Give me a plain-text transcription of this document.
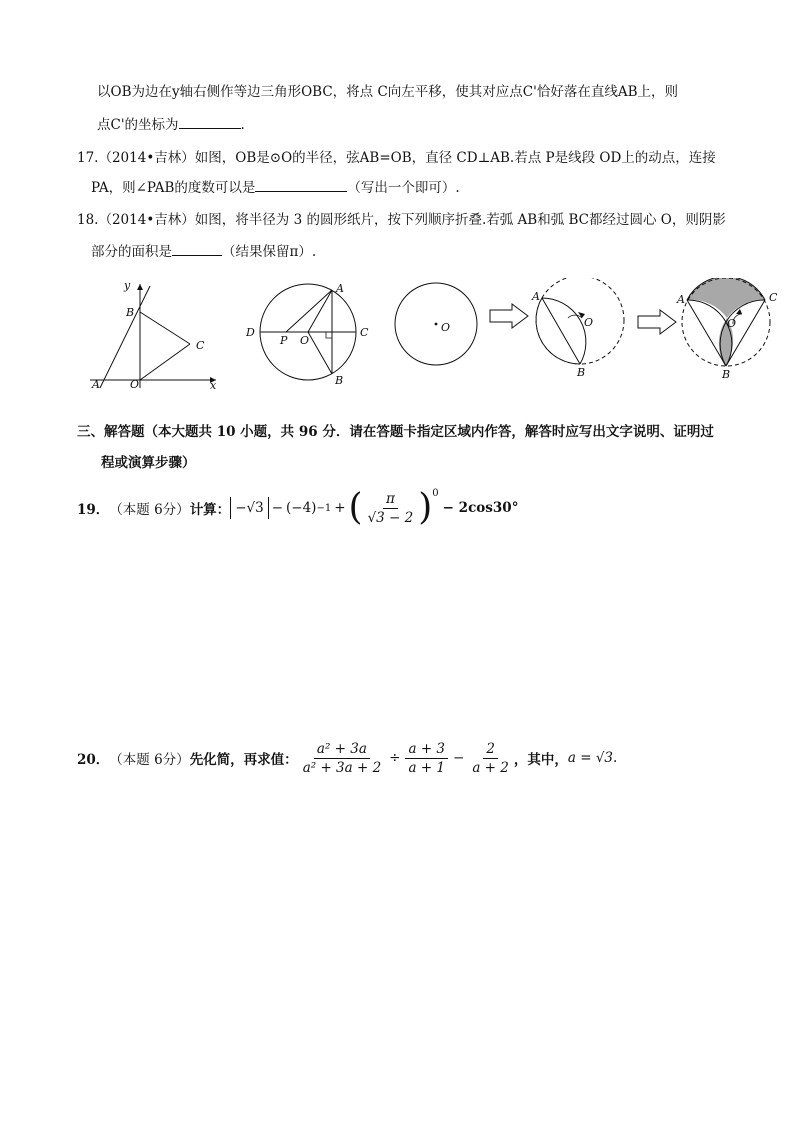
以OB为边在y轴右侧作等边三角形OBC，将点 C向左平移，使其对应点C'恰好落在直线AB上，则
点C'的坐标为	.
17.（2014•吉林）如图，OB是⊙O的半径，弦AB=OB，直径 CD⊥AB.若点 P是线段 OD上的动点，连接
PA，则∠PAB的度数可以是	（写出一个即可）.
18.（2014•吉林）如图，将半径为 3 的圆形纸片，按下列顺序折叠.若弧 AB和弧 BC都经过圆心 O，则阴影
部分的面积是	（结果保留π）.
y
x
B
C
A	O
A
B
C
D
P O
O
A
B
O
A	C
B
O
三、解答题（本大题共 10 小题，共 96 分．请在答题卡指定区域内作答，解答时应写出文字说明、证明过
程或演算步骤）
19． （本题 6分） 计算： −√3 − (−4) −1 + ( $\frac{\pi}{√3 - 2} )^0$
− 2cos30°
20． （本题 6分） 先化简，再求值： $\frac{\text{a² + 3a}}{\text{a² + 3a + 2}} \div \frac{a + 3}{a + 1} - \frac{2}{a + 2}$ ，其中， a = √3 .
